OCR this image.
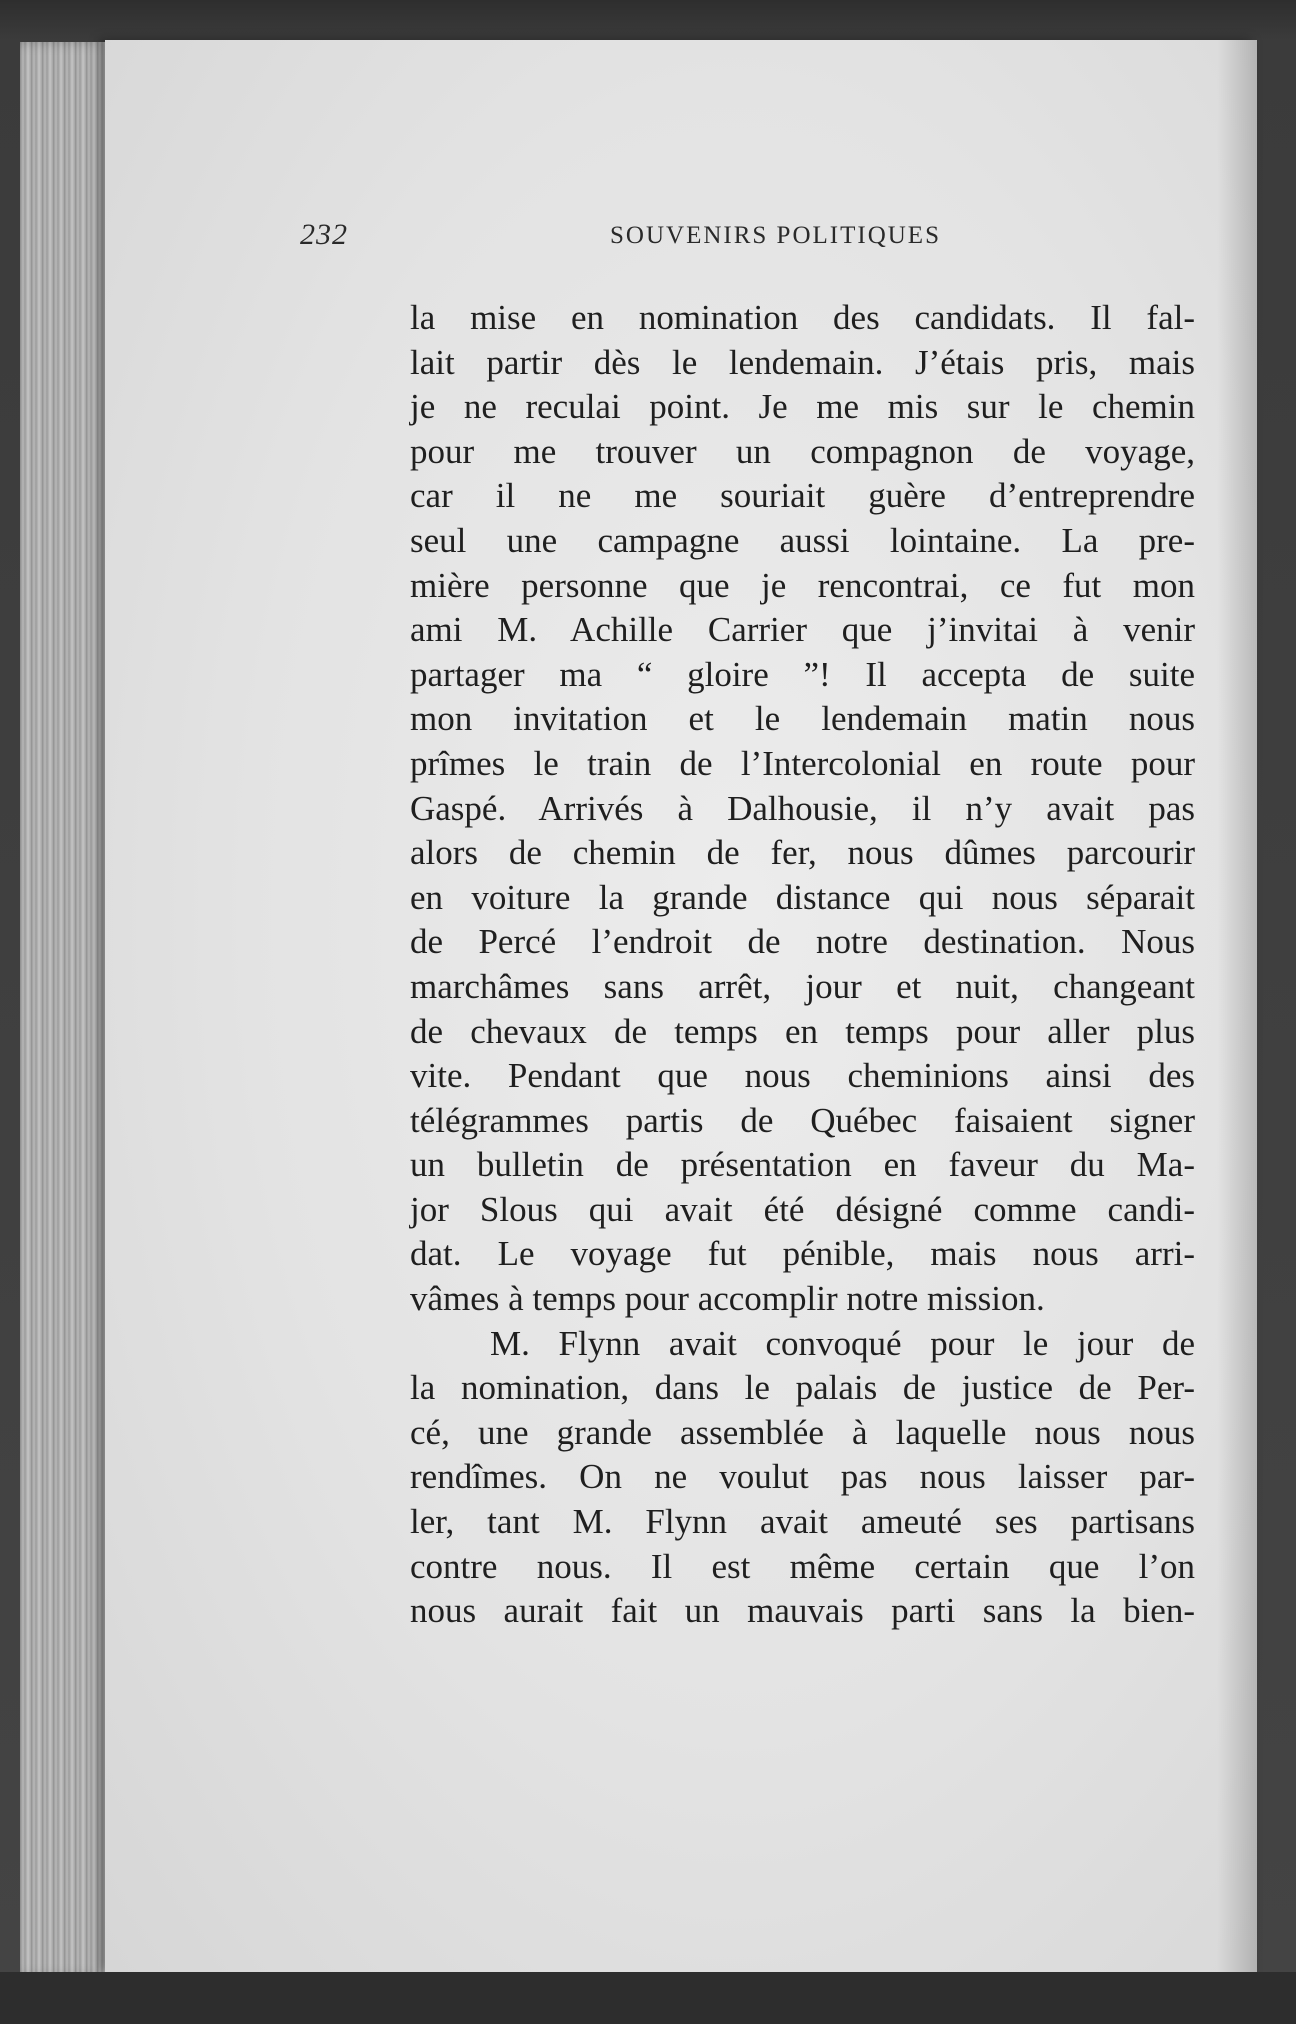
232	SOUVENIRS POLITIQUES
la mise en nomination des candidats. Il fal-
lait partir dès le lendemain. J’étais pris, mais
je ne reculai point. Je me mis sur le chemin
pour me trouver un compagnon de voyage,
car il ne me souriait guère d’entreprendre
seul une campagne aussi lointaine. La pre-
mière personne que je rencontrai, ce fut mon
ami M. Achille Carrier que j’invitai à venir
partager ma “ gloire ”! Il accepta de suite
mon invitation et le lendemain matin nous
prîmes le train de l’Intercolonial en route pour
Gaspé. Arrivés à Dalhousie, il n’y avait pas
alors de chemin de fer, nous dûmes parcourir
en voiture la grande distance qui nous séparait
de Percé l’endroit de notre destination. Nous
marchâmes sans arrêt, jour et nuit, changeant
de chevaux de temps en temps pour aller plus
vite. Pendant que nous cheminions ainsi des
télégrammes partis de Québec faisaient signer
un bulletin de présentation en faveur du Ma-
jor Slous qui avait été désigné comme candi-
dat. Le voyage fut pénible, mais nous arri-
vâmes à temps pour accomplir notre mission.
M. Flynn avait convoqué pour le jour de
la nomination, dans le palais de justice de Per-
cé, une grande assemblée à laquelle nous nous
rendîmes. On ne voulut pas nous laisser par-
ler, tant M. Flynn avait ameuté ses partisans
contre nous. Il est même certain que l’on
nous aurait fait un mauvais parti sans la bien-
